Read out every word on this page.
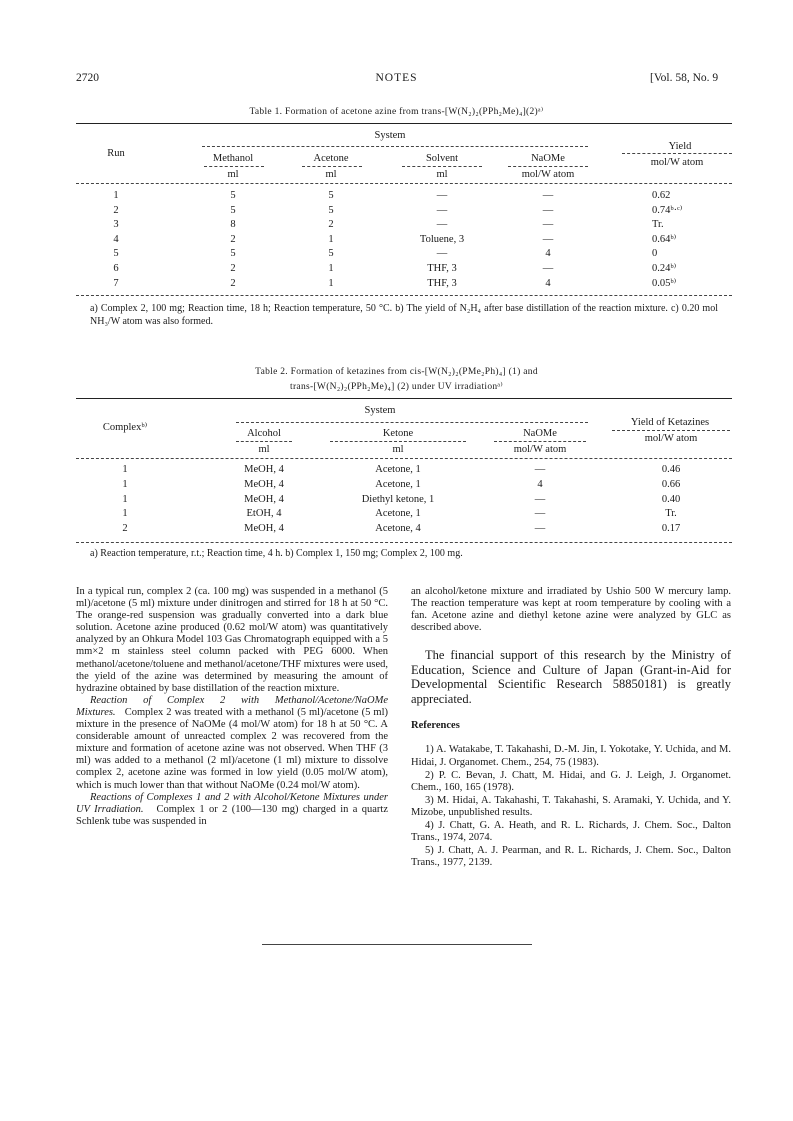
2720	NOTES	[Vol. 58, No. 9
Table 1. Formation of acetone azine from trans-[W(N₂)₂(PPh₂Me)₄](2)ᵃ⁾
Run
System
Yield
Methanol	Acetone	Solvent	NaOMe	mol/W atom
ml	ml	ml	mol/W atom
1	5	5	—	—	0.62
2	5	5	—	—	0.74ᵇ·ᶜ⁾
3	8	2	—	—	Tr.
4	2	1	Toluene, 3	—	0.64ᵇ⁾
5	5	5	—	4	0
6	2	1	THF, 3	—	0.24ᵇ⁾
7	2	1	THF, 3	4	0.05ᵇ⁾
a) Complex 2, 100 mg; Reaction time, 18 h; Reaction temperature, 50 °C. b) The yield of N₂H₄ after base distillation of the reaction mixture. c) 0.20 mol NH₃/W atom was also formed.
Table 2. Formation of ketazines from cis-[W(N₂)₂(PMe₂Ph)₄] (1) and
trans-[W(N₂)₂(PPh₂Me)₄] (2) under UV irradiationᵃ⁾
Complexᵇ⁾
System
Yield of Ketazines
mol/W atom
Alcohol	Ketone	NaOMe
ml	ml	mol/W atom
1	MeOH, 4	Acetone, 1	—	0.46
1	MeOH, 4	Acetone, 1	4	0.66
1	MeOH, 4	Diethyl ketone, 1	—	0.40
1	EtOH, 4	Acetone, 1	—	Tr.
2	MeOH, 4	Acetone, 4	—	0.17
a) Reaction temperature, r.t.; Reaction time, 4 h. b) Complex 1, 150 mg; Complex 2, 100 mg.

In a typical run, complex 2 (ca. 100 mg) was suspended in a methanol (5 ml)/acetone (5 ml) mixture under dinitrogen and stirred for 18 h at 50 °C. The orange-red suspension was gradually converted into a dark blue solution. Acetone azine produced (0.62 mol/W atom) was quantitatively analyzed by an Ohkura Model 103 Gas Chromatograph equipped with a 5 mm×2 m stainless steel column packed with PEG 6000. When methanol/acetone/toluene and methanol/acetone/THF mixtures were used, the yield of the azine was determined by measuring the amount of hydrazine obtained by base distillation of the reaction mixture.

Reaction of Complex 2 with Methanol/Acetone/NaOMe Mixtures. Complex 2 was treated with a methanol (5 ml)/acetone (5 ml) mixture in the presence of NaOMe (4 mol/W atom) for 18 h at 50 °C. A considerable amount of unreacted complex 2 was recovered from the mixture and formation of acetone azine was not observed. When THF (3 ml) was added to a methanol (2 ml)/acetone (1 ml) mixture to dissolve complex 2, acetone azine was formed in low yield (0.05 mol/W atom), which is much lower than that without NaOMe (0.24 mol/W atom).

Reactions of Complexes 1 and 2 with Alcohol/Ketone Mixtures under UV Irradiation. Complex 1 or 2 (100—130 mg) charged in a quartz Schlenk tube was suspended in

an alcohol/ketone mixture and irradiated by Ushio 500 W mercury lamp. The reaction temperature was kept at room temperature by cooling with a fan. Acetone azine and diethyl ketone azine were analyzed by GLC as described above.

The financial support of this research by the Ministry of Education, Science and Culture of Japan (Grant-in-Aid for Developmental Scientific Research 58850181) is greatly appreciated.

References

1) A. Watakabe, T. Takahashi, D.-M. Jin, I. Yokotake, Y. Uchida, and M. Hidai, J. Organomet. Chem., 254, 75 (1983).

2) P. C. Bevan, J. Chatt, M. Hidai, and G. J. Leigh, J. Organomet. Chem., 160, 165 (1978).

3) M. Hidai, A. Takahashi, T. Takahashi, S. Aramaki, Y. Uchida, and Y. Mizobe, unpublished results.

4) J. Chatt, G. A. Heath, and R. L. Richards, J. Chem. Soc., Dalton Trans., 1974, 2074.

5) J. Chatt, A. J. Pearman, and R. L. Richards, J. Chem. Soc., Dalton Trans., 1977, 2139.
